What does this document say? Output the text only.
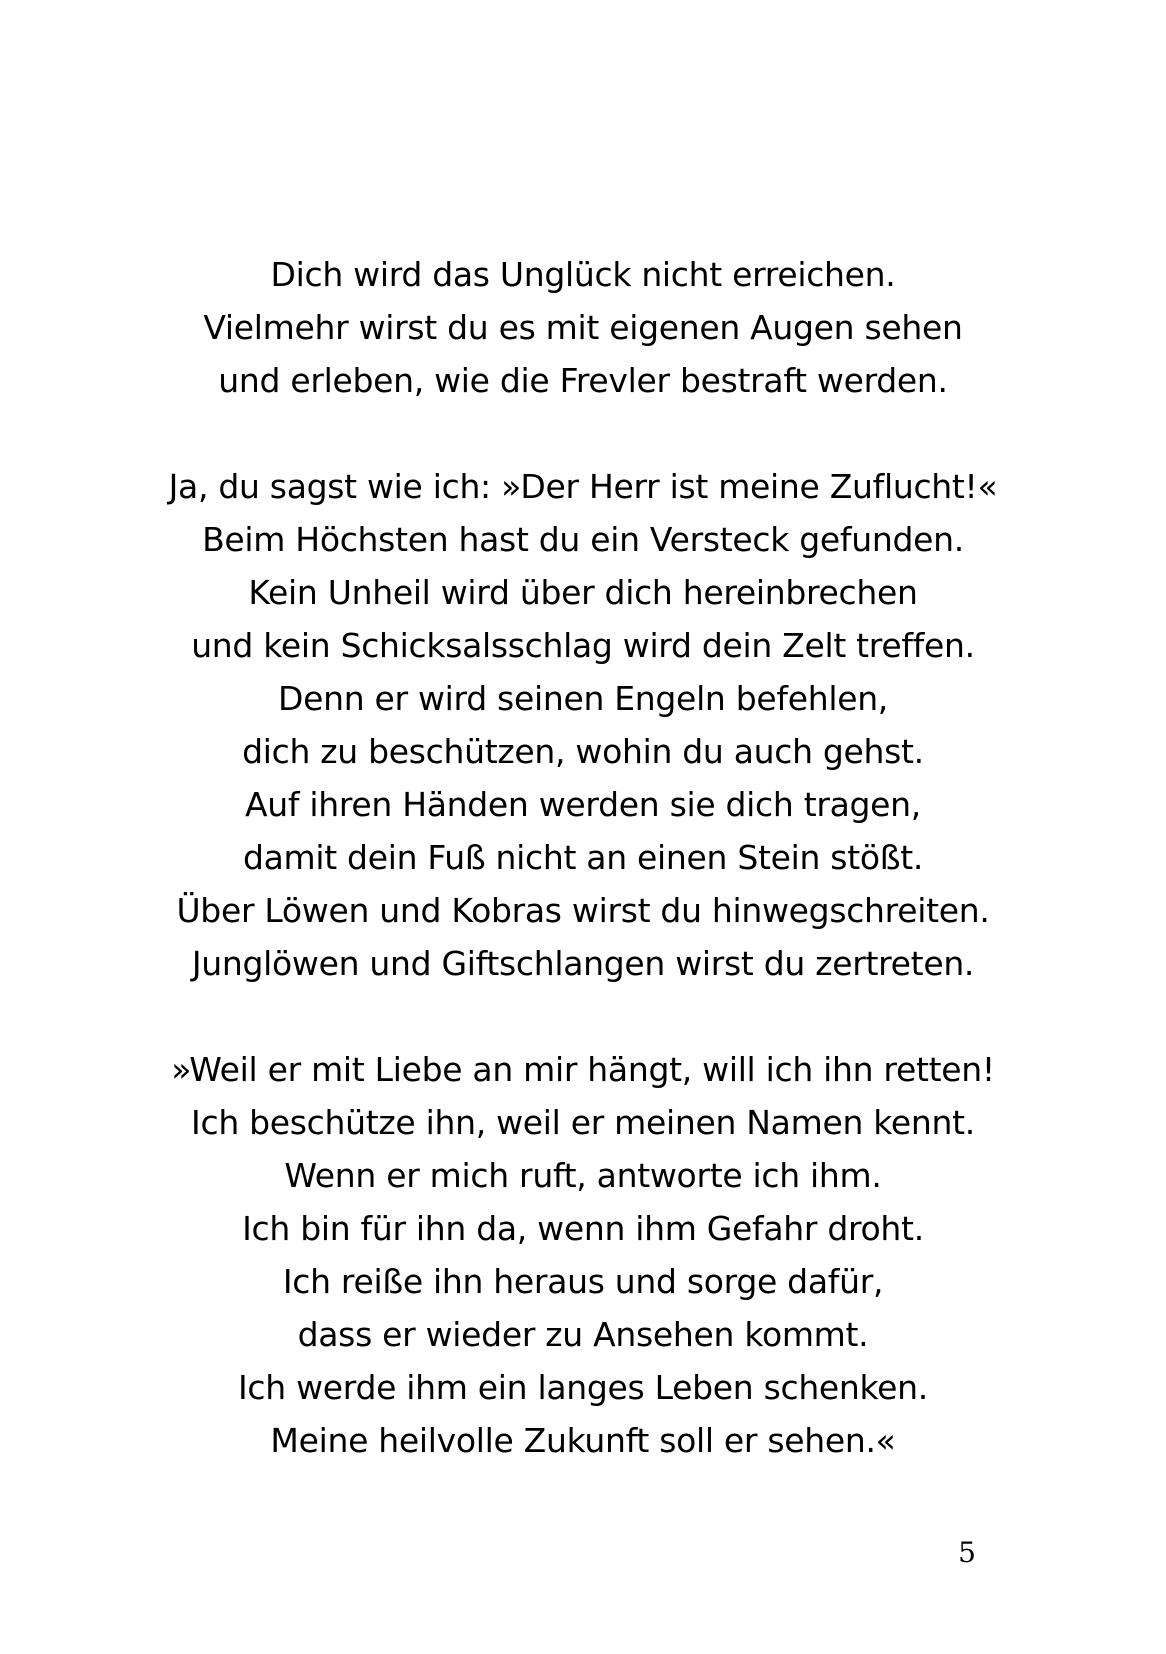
Dich wird das Unglück nicht erreichen.
Vielmehr wirst du es mit eigenen Augen sehen
und erleben, wie die Frevler bestraft werden.
Ja, du sagst wie ich: »Der Herr ist meine Zuflucht!«
Beim Höchsten hast du ein Versteck gefunden.
Kein Unheil wird über dich hereinbrechen
und kein Schicksalsschlag wird dein Zelt treffen.
Denn er wird seinen Engeln befehlen,
dich zu beschützen, wohin du auch gehst.
Auf ihren Händen werden sie dich tragen,
damit dein Fuß nicht an einen Stein stößt.
Über Löwen und Kobras wirst du hinwegschreiten.
Junglöwen und Giftschlangen wirst du zertreten.
»Weil er mit Liebe an mir hängt, will ich ihn retten!
Ich beschütze ihn, weil er meinen Namen kennt.
Wenn er mich ruft, antworte ich ihm.
Ich bin für ihn da, wenn ihm Gefahr droht.
Ich reiße ihn heraus und sorge dafür,
dass er wieder zu Ansehen kommt.
Ich werde ihm ein langes Leben schenken.
Meine heilvolle Zukunft soll er sehen.«
5
